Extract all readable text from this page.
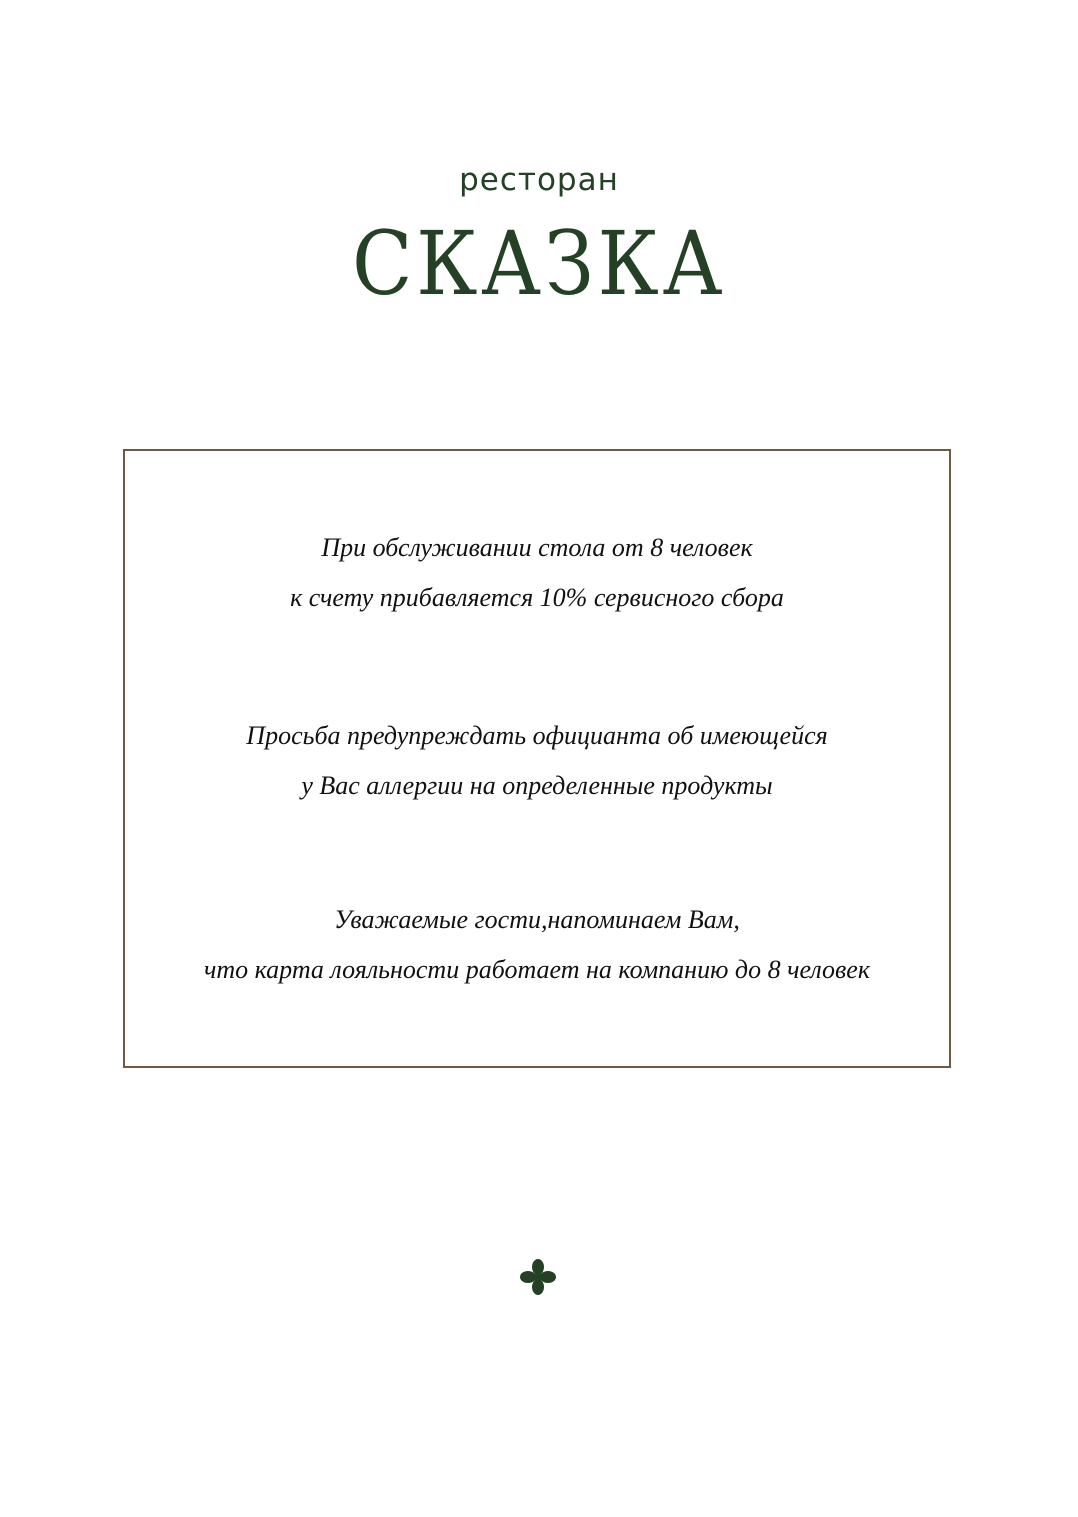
ресторан
СКАЗКА
При обслуживании стола от 8 человек
к счету прибавляется 10% сервисного сбора
Просьба предупреждать официанта об имеющейся
у Вас аллергии на определенные продукты
Уважаемые гости,напоминаем Вам,
что карта лояльности работает на компанию до 8 человек
